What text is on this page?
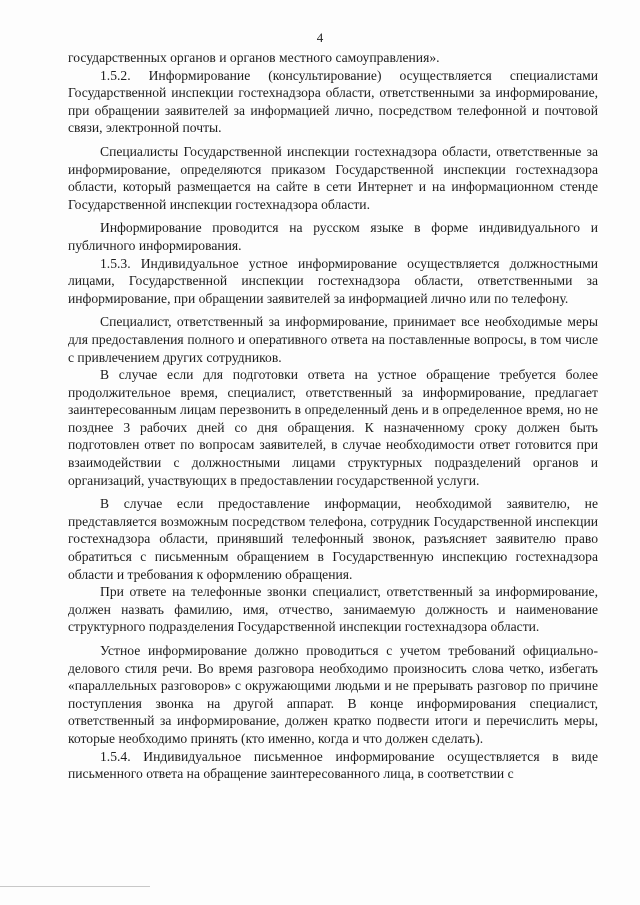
4

государственных органов и органов местного самоуправления».

1.5.2. Информирование (консультирование) осуществляется специалистами Государственной инспекции гостехнадзора области, ответственными за информирование, при обращении заявителей за информацией лично, посредством телефонной и почтовой связи, электронной почты.

Специалисты Государственной инспекции гостехнадзора области, ответственные за информирование, определяются приказом Государственной инспекции гостехнадзора области, который размещается на сайте в сети Интернет и на информационном стенде Государственной инспекции гостехнадзора области.

Информирование проводится на русском языке в форме индивидуального и публичного информирования.

1.5.3. Индивидуальное устное информирование осуществляется должностными лицами, Государственной инспекции гостехнадзора области, ответственными за информирование, при обращении заявителей за информацией лично или по телефону.

Специалист, ответственный за информирование, принимает все необходимые меры для предоставления полного и оперативного ответа на поставленные вопросы, в том числе с привлечением других сотрудников.

В случае если для подготовки ответа на устное обращение требуется более продолжительное время, специалист, ответственный за информирование, предлагает заинтересованным лицам перезвонить в определенный день и в определенное время, но не позднее 3 рабочих дней со дня обращения. К назначенному сроку должен быть подготовлен ответ по вопросам заявителей, в случае необходимости ответ готовится при взаимодействии с должностными лицами структурных подразделений органов и организаций, участвующих в предоставлении государственной услуги.

В случае если предоставление информации, необходимой заявителю, не представляется возможным посредством телефона, сотрудник Государственной инспекции гостехнадзора области, принявший телефонный звонок, разъясняет заявителю право обратиться с письменным обращением в Государственную инспекцию гостехнадзора области и требования к оформлению обращения.

При ответе на телефонные звонки специалист, ответственный за информирование, должен назвать фамилию, имя, отчество, занимаемую должность и наименование структурного подразделения Государственной инспекции гостехнадзора области.

Устное информирование должно проводиться с учетом требований официально-делового стиля речи. Во время разговора необходимо произносить слова четко, избегать «параллельных разговоров» с окружающими людьми и не прерывать разговор по причине поступления звонка на другой аппарат. В конце информирования специалист, ответственный за информирование, должен кратко подвести итоги и перечислить меры, которые необходимо принять (кто именно, когда и что должен сделать).

1.5.4. Индивидуальное письменное информирование осуществляется в виде письменного ответа на обращение заинтересованного лица, в соответствии с
